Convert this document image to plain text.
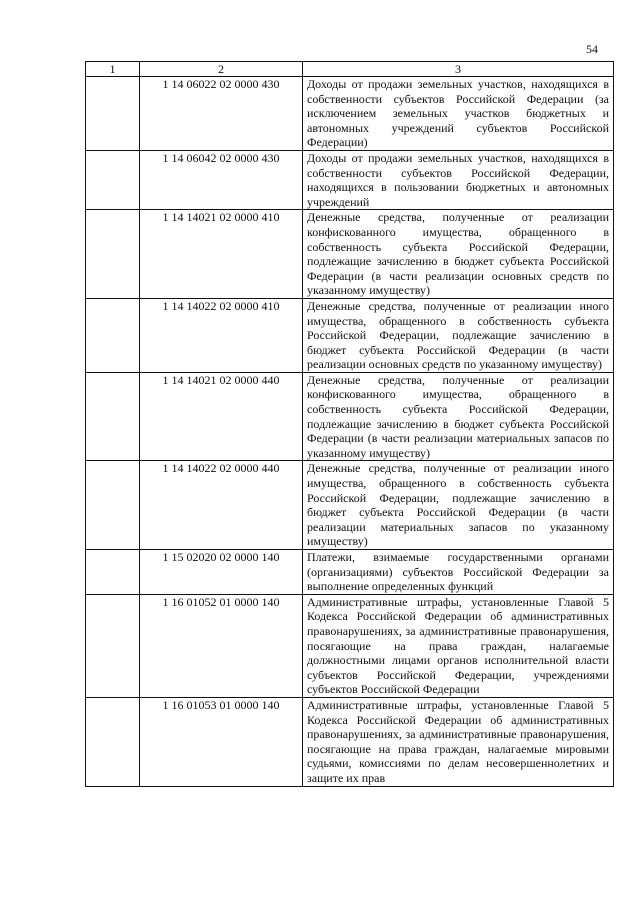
54
1	2	3
	1 14 06022 02 0000 430	Доходы от продажи земельных участков, находящихся в собственности субъектов Российской Федерации (за исключением земельных участков бюджетных и автономных учреждений субъектов Российской Федерации)
	1 14 06042 02 0000 430	Доходы от продажи земельных участков, находящихся в собственности субъектов Российской Федерации, находящихся в пользовании бюджетных и автономных учреждений
	1 14 14021 02 0000 410	Денежные средства, полученные от реализации конфискованного имущества, обращенного в собственность субъекта Российской Федерации, подлежащие зачислению в бюджет субъекта Российской Федерации (в части реализации основных средств по указанному имуществу)
	1 14 14022 02 0000 410	Денежные средства, полученные от реализации иного имущества, обращенного в собственность субъекта Российской Федерации, подлежащие зачислению в бюджет субъекта Российской Федерации (в части реализации основных средств по указанному имуществу)
	1 14 14021 02 0000 440	Денежные средства, полученные от реализации конфискованного имущества, обращенного в собственность субъекта Российской Федерации, подлежащие зачислению в бюджет субъекта Российской Федерации (в части реализации материальных запасов по указанному имуществу)
	1 14 14022 02 0000 440	Денежные средства, полученные от реализации иного имущества, обращенного в собственность субъекта Российской Федерации, подлежащие зачислению в бюджет субъекта Российской Федерации (в части реализации материальных запасов по указанному имуществу)
	1 15 02020 02 0000 140	Платежи, взимаемые государственными органами (организациями) субъектов Российской Федерации за выполнение определенных функций
	1 16 01052 01 0000 140	Административные штрафы, установленные Главой 5 Кодекса Российской Федерации об административных правонарушениях, за административные правонарушения, посягающие на права граждан, налагаемые должностными лицами органов исполнительной власти субъектов Российской Федерации, учреждениями субъектов Российской Федерации
	1 16 01053 01 0000 140	Административные штрафы, установленные Главой 5 Кодекса Российской Федерации об административных правонарушениях, за административные правонарушения, посягающие на права граждан, налагаемые мировыми судьями, комиссиями по делам несовершеннолетних и защите их прав
